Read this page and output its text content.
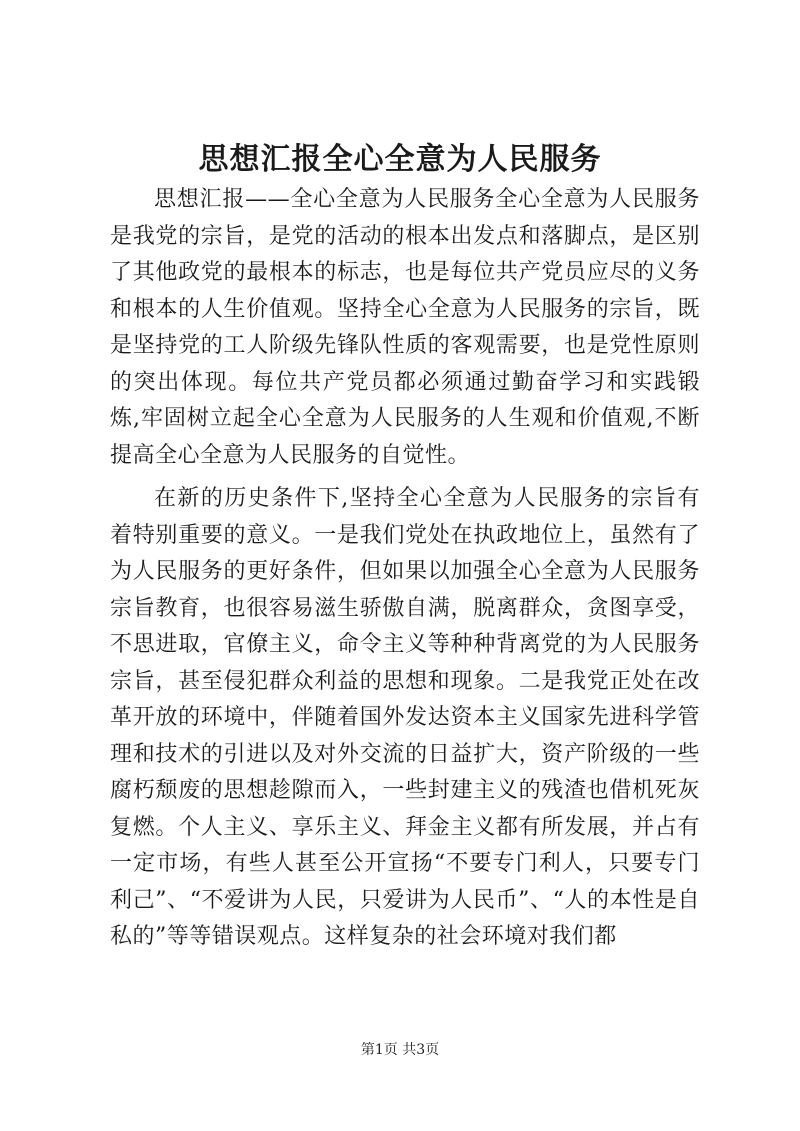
思想汇报全心全意为人民服务

思想汇报——全心全意为人民服务全心全意为人民服务是我党的宗旨，是党的活动的根本出发点和落脚点，是区别了其他政党的最根本的标志，也是每位共产党员应尽的义务和根本的人生价值观。坚持全心全意为人民服务的宗旨，既是坚持党的工人阶级先锋队性质的客观需要，也是党性原则的突出体现。每位共产党员都必须通过勤奋学习和实践锻炼,牢固树立起全心全意为人民服务的人生观和价值观,不断提高全心全意为人民服务的自觉性。

在新的历史条件下,坚持全心全意为人民服务的宗旨有着特别重要的意义。一是我们党处在执政地位上，虽然有了为人民服务的更好条件，但如果以加强全心全意为人民服务宗旨教育，也很容易滋生骄傲自满，脱离群众，贪图享受，不思进取，官僚主义，命令主义等种种背离党的为人民服务宗旨，甚至侵犯群众利益的思想和现象。二是我党正处在改革开放的环境中，伴随着国外发达资本主义国家先进科学管理和技术的引进以及对外交流的日益扩大，资产阶级的一些腐朽颓废的思想趁隙而入，一些封建主义的残渣也借机死灰复燃。个人主义、享乐主义、拜金主义都有所发展，并占有一定市场，有些人甚至公开宣扬“不要专门利人，只要专门利己”、“不爱讲为人民，只爱讲为人民币”、“人的本性是自私的”等等错误观点。这样复杂的社会环境对我们都

第1页 共3页
